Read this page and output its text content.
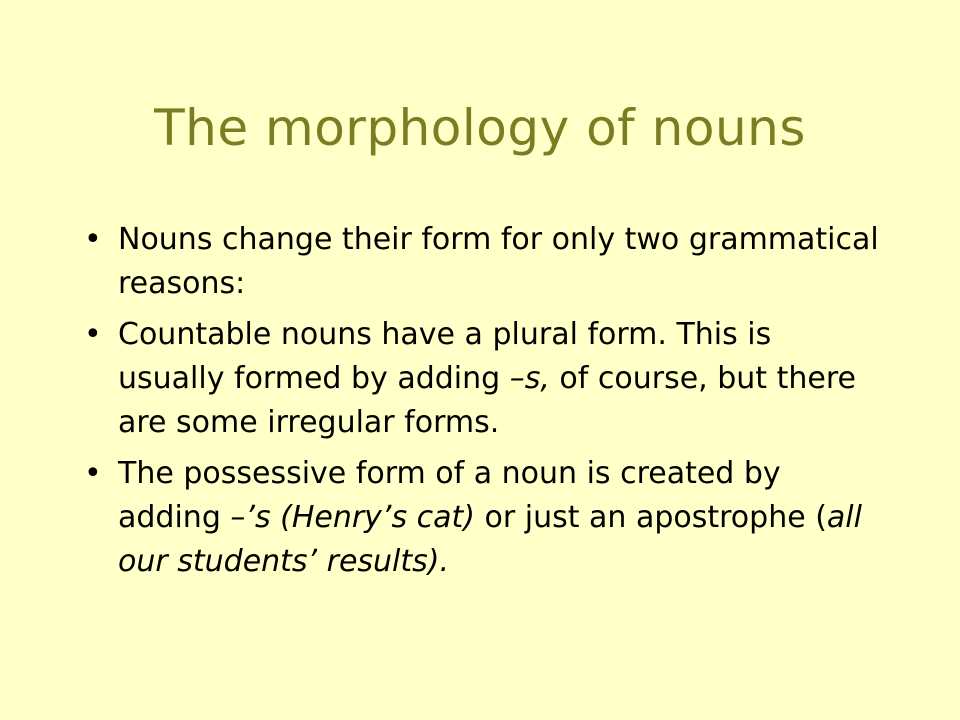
The morphology of nouns
• Nouns change their form for only two grammatical reasons:
• Countable nouns have a plural form. This is usually formed by adding –s, of course, but there are some irregular forms.
• The possessive form of a noun is created by adding –’s (Henry’s cat) or just an apostrophe (all our students’ results).
